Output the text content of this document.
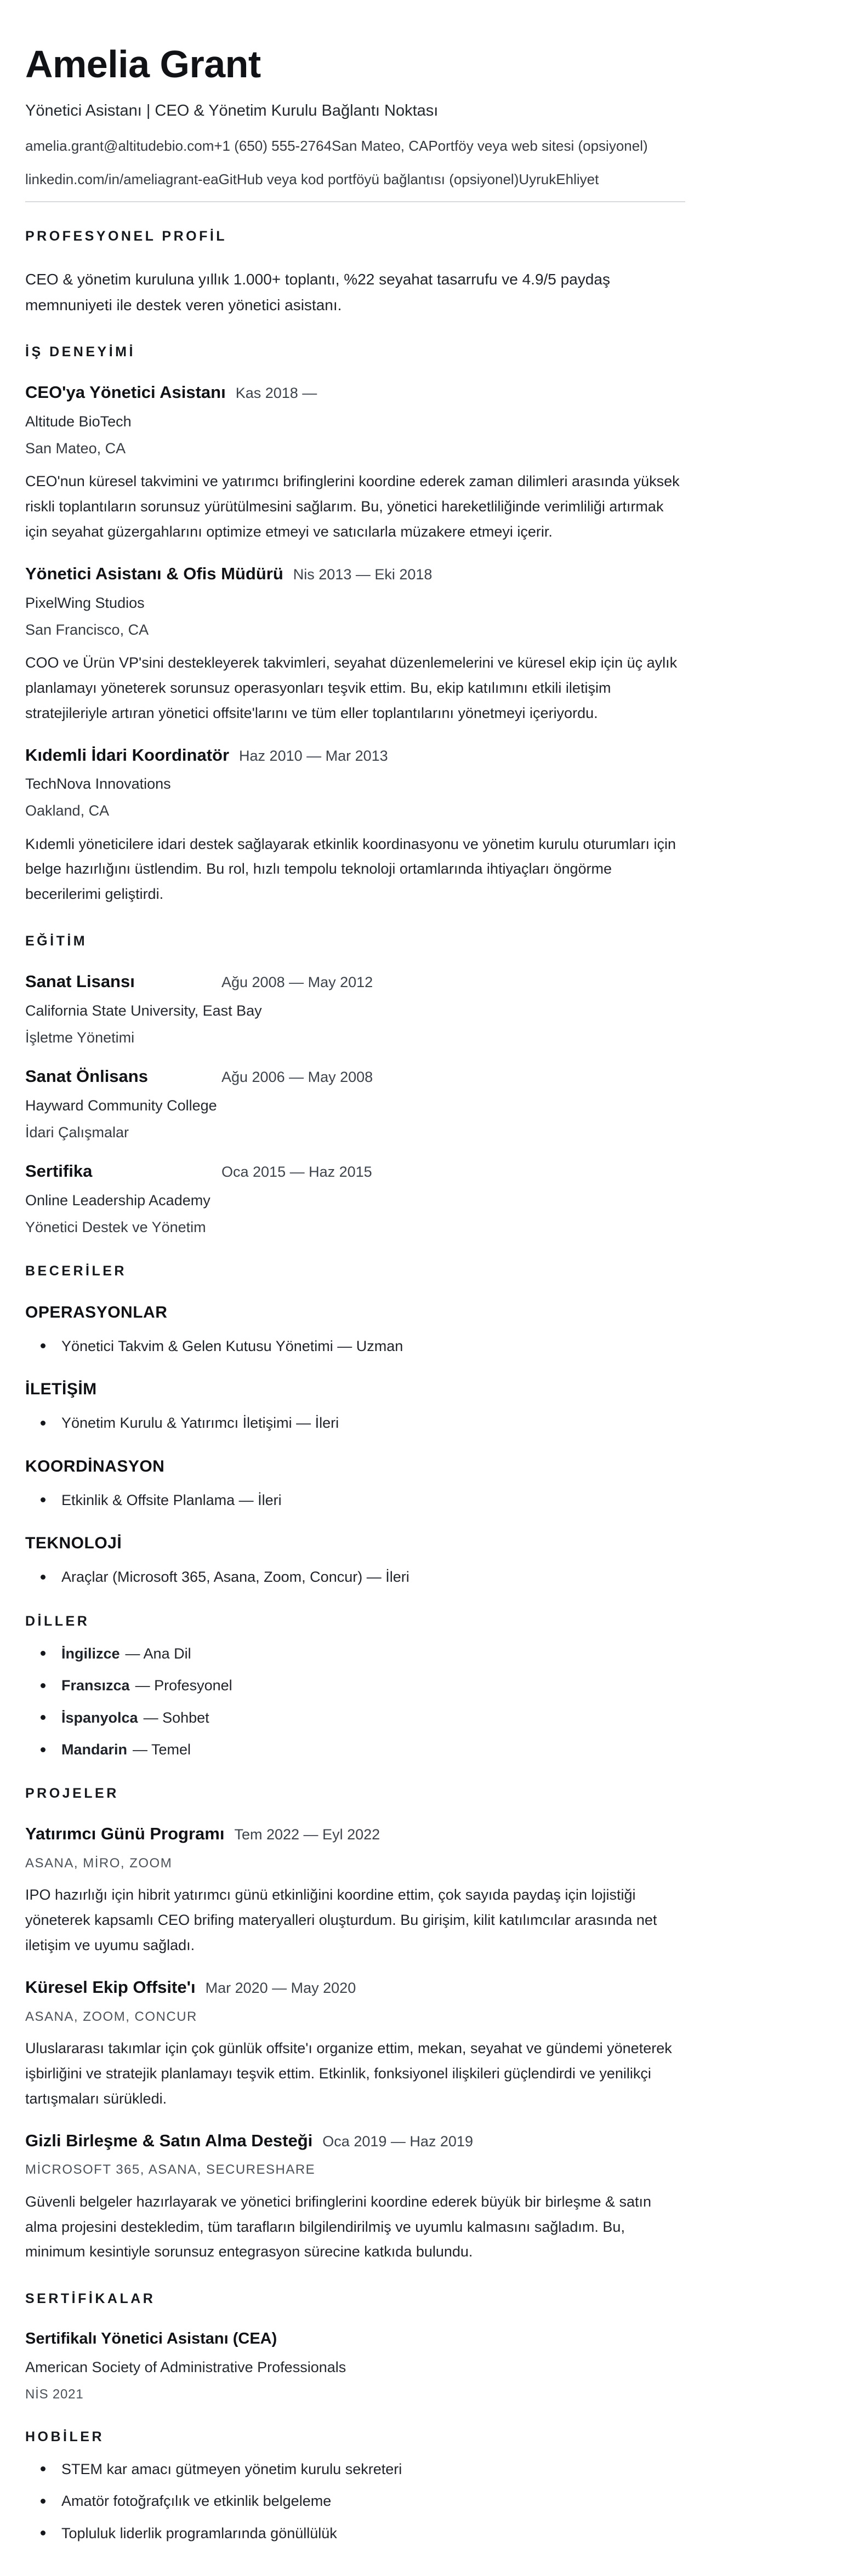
Amelia Grant
Yönetici Asistanı | CEO & Yönetim Kurulu Bağlantı Noktası
amelia.grant@altitudebio.com+1 (650) 555-2764San Mateo, CAPortföy veya web sitesi (opsiyonel)
linkedin.com/in/ameliagrant-eaGitHub veya kod portföyü bağlantısı (opsiyonel)UyrukEhliyet
PROFESYONEL PROFİL

CEO & yönetim kuruluna yıllık 1.000+ toplantı, %22 seyahat tasarrufu ve 4.9/5 paydaş memnuniyeti ile destek veren yönetici asistanı.

İŞ DENEYİMİ
CEO'ya Yönetici Asistanı Kas 2018 —
Altitude BioTech
San Mateo, CA

CEO'nun küresel takvimini ve yatırımcı brifinglerini koordine ederek zaman dilimleri arasında yüksek riskli toplantıların sorunsuz yürütülmesini sağlarım. Bu, yönetici hareketliliğinde verimliliği artırmak için seyahat güzergahlarını optimize etmeyi ve satıcılarla müzakere etmeyi içerir.

Yönetici Asistanı & Ofis Müdürü Nis 2013 — Eki 2018
PixelWing Studios
San Francisco, CA

COO ve Ürün VP'sini destekleyerek takvimleri, seyahat düzenlemelerini ve küresel ekip için üç aylık planlamayı yöneterek sorunsuz operasyonları teşvik ettim. Bu, ekip katılımını etkili iletişim stratejileriyle artıran yönetici offsite'larını ve tüm eller toplantılarını yönetmeyi içeriyordu.

Kıdemli İdari Koordinatör Haz 2010 — Mar 2013
TechNova Innovations
Oakland, CA

Kıdemli yöneticilere idari destek sağlayarak etkinlik koordinasyonu ve yönetim kurulu oturumları için belge hazırlığını üstlendim. Bu rol, hızlı tempolu teknoloji ortamlarında ihtiyaçları öngörme becerilerimi geliştirdi.

EĞİTİM
Sanat Lisansı	Ağu 2008 — May 2012
California State University, East Bay
İşletme Yönetimi
Sanat Önlisans	Ağu 2006 — May 2008
Hayward Community College
İdari Çalışmalar
Sertifika	Oca 2015 — Haz 2015
Online Leadership Academy
Yönetici Destek ve Yönetim
BECERİLER
OPERASYONLAR
Yönetici Takvim & Gelen Kutusu Yönetimi — Uzman
İLETİŞİM
Yönetim Kurulu & Yatırımcı İletişimi — İleri
KOORDİNASYON
Etkinlik & Offsite Planlama — İleri
TEKNOLOJİ
Araçlar (Microsoft 365, Asana, Zoom, Concur) — İleri
DİLLER
İngilizce — Ana Dil
Fransızca — Profesyonel
İspanyolca — Sohbet
Mandarin — Temel
PROJELER
Yatırımcı Günü Programı Tem 2022 — Eyl 2022
ASANA, MİRO, ZOOM

IPO hazırlığı için hibrit yatırımcı günü etkinliğini koordine ettim, çok sayıda paydaş için lojistiği yöneterek kapsamlı CEO brifing materyalleri oluşturdum. Bu girişim, kilit katılımcılar arasında net iletişim ve uyumu sağladı.

Küresel Ekip Offsite'ı Mar 2020 — May 2020
ASANA, ZOOM, CONCUR

Uluslararası takımlar için çok günlük offsite'ı organize ettim, mekan, seyahat ve gündemi yöneterek işbirliğini ve stratejik planlamayı teşvik ettim. Etkinlik, fonksiyonel ilişkileri güçlendirdi ve yenilikçi tartışmaları sürükledi.

Gizli Birleşme & Satın Alma Desteği Oca 2019 — Haz 2019
MİCROSOFT 365, ASANA, SECURESHARE

Güvenli belgeler hazırlayarak ve yönetici brifinglerini koordine ederek büyük bir birleşme & satın alma projesini destekledim, tüm tarafların bilgilendirilmiş ve uyumlu kalmasını sağladım. Bu, minimum kesintiyle sorunsuz entegrasyon sürecine katkıda bulundu.

SERTİFİKALAR
Sertifikalı Yönetici Asistanı (CEA)
American Society of Administrative Professionals
NİS 2021
HOBİLER
STEM kar amacı gütmeyen yönetim kurulu sekreteri
Amatör fotoğrafçılık ve etkinlik belgeleme
Topluluk liderlik programlarında gönüllülük
